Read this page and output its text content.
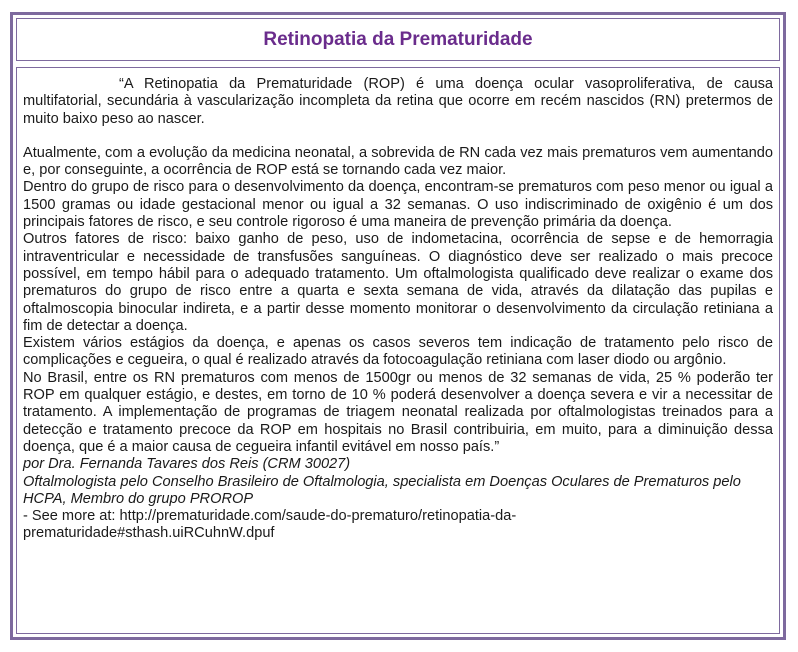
Retinopatia da Prematuridade

“A Retinopatia da Prematuridade (ROP) é uma doença ocular vasoproliferativa, de causa multifatorial, secundária à vascularização incompleta da retina que ocorre em recém nascidos (RN) pretermos de muito baixo peso ao nascer.

Atualmente, com a evolução da medicina neonatal, a sobrevida de RN cada vez mais prematuros vem aumentando e, por conseguinte, a ocorrência de ROP está se tornando cada vez maior.

Dentro do grupo de risco para o desenvolvimento da doença, encontram-se prematuros com peso menor ou igual a 1500 gramas ou idade gestacional menor ou igual a 32 semanas. O uso indiscriminado de oxigênio é um dos principais fatores de risco, e seu controle rigoroso é uma maneira de prevenção primária da doença.

Outros fatores de risco: baixo ganho de peso, uso de indometacina, ocorrência de sepse e de hemorragia intraventricular e necessidade de transfusões sanguíneas. O diagnóstico deve ser realizado o mais precoce possível, em tempo hábil para o adequado tratamento. Um oftalmologista qualificado deve realizar o exame dos prematuros do grupo de risco entre a quarta e sexta semana de vida, através da dilatação das pupilas e oftalmoscopia binocular indireta, e a partir desse momento monitorar o desenvolvimento da circulação retiniana a fim de detectar a doença.

Existem vários estágios da doença, e apenas os casos severos tem indicação de tratamento pelo risco de complicações e cegueira, o qual é realizado através da fotocoagulação retiniana com laser diodo ou argônio.

No Brasil, entre os RN prematuros com menos de 1500gr ou menos de 32 semanas de vida, 25 % poderão ter ROP em qualquer estágio, e destes, em torno de 10 % poderá desenvolver a doença severa e vir a necessitar de tratamento. A implementação de programas de triagem neonatal realizada por oftalmologistas treinados para a detecção e tratamento precoce da ROP em hospitais no Brasil contribuiria, em muito, para a diminuição dessa doença, que é a maior causa de cegueira infantil evitável em nosso país.”

por Dra. Fernanda Tavares dos Reis (CRM 30027)

Oftalmologista pelo Conselho Brasileiro de Oftalmologia, specialista em Doenças Oculares de Prematuros pelo HCPA, Membro do grupo PROROP

- See more at: http://prematuridade.com/saude-do-prematuro/retinopatia-da-
prematuridade#sthash.uiRCuhnW.dpuf
